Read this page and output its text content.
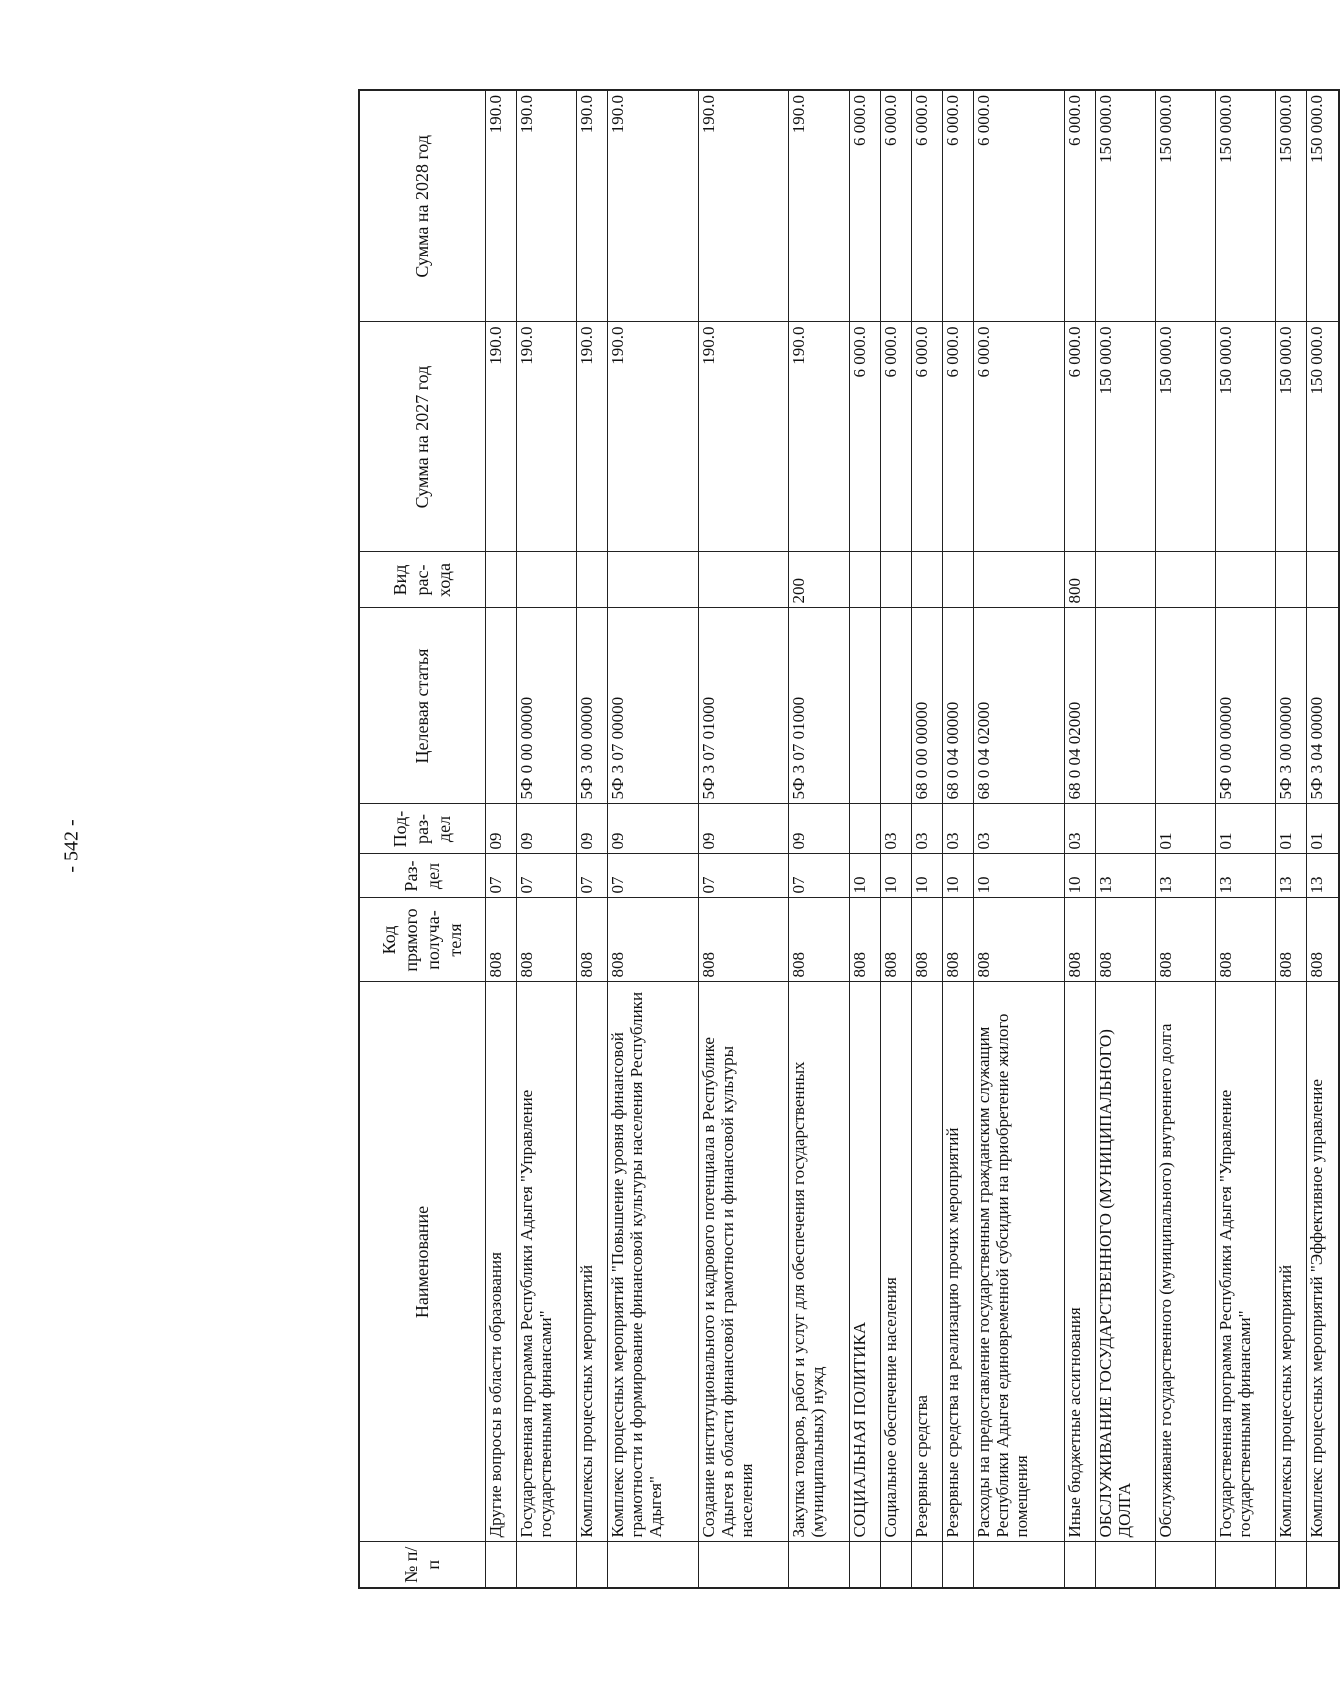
- 542 -
№ п/п	Наименование	Код прямого получа-теля	Раз-дел	Под-раз-дел	Целевая статья	Вид рас-хода	Сумма на 2027 год	Сумма на 2028 год
	Другие вопросы в области образования	808	07	09			190.0	190.0
	Государственная программа Республики Адыгея "Управление государственными финансами"	808	07	09	5Ф 0 00 00000		190.0	190.0
	Комплексы процессных мероприятий	808	07	09	5Ф 3 00 00000		190.0	190.0
	Комплекс процессных мероприятий "Повышение уровня финансовой грамотности и формирование финансовой культуры населения Республики Адыгея"	808	07	09	5Ф 3 07 00000		190.0	190.0
	Создание институционального и кадрового потенциала в Республике Адыгея в области финансовой грамотности и финансовой культуры населения	808	07	09	5Ф 3 07 01000		190.0	190.0
	Закупка товаров, работ и услуг для обеспечения государственных (муниципальных) нужд	808	07	09	5Ф 3 07 01000	200	190.0	190.0
	СОЦИАЛЬНАЯ ПОЛИТИКА	808	10				6 000.0	6 000.0
	Социальное обеспечение населения	808	10	03			6 000.0	6 000.0
	Резервные средства	808	10	03	68 0 00 00000		6 000.0	6 000.0
	Резервные средства на реализацию прочих мероприятий	808	10	03	68 0 04 00000		6 000.0	6 000.0
	Расходы на предоставление государственным гражданским служащим Республики Адыгея единовременной субсидии на приобретение жилого помещения	808	10	03	68 0 04 02000		6 000.0	6 000.0
	Иные бюджетные ассигнования	808	10	03	68 0 04 02000	800	6 000.0	6 000.0
	ОБСЛУЖИВАНИЕ ГОСУДАРСТВЕННОГО (МУНИЦИПАЛЬНОГО) ДОЛГА	808	13				150 000.0	150 000.0
	Обслуживание государственного (муниципального) внутреннего долга	808	13	01			150 000.0	150 000.0
	Государственная программа Республики Адыгея "Управление государственными финансами"	808	13	01	5Ф 0 00 00000		150 000.0	150 000.0
	Комплексы процессных мероприятий	808	13	01	5Ф 3 00 00000		150 000.0	150 000.0
	Комплекс процессных мероприятий "Эффективное управление	808	13	01	5Ф 3 04 00000		150 000.0	150 000.0
